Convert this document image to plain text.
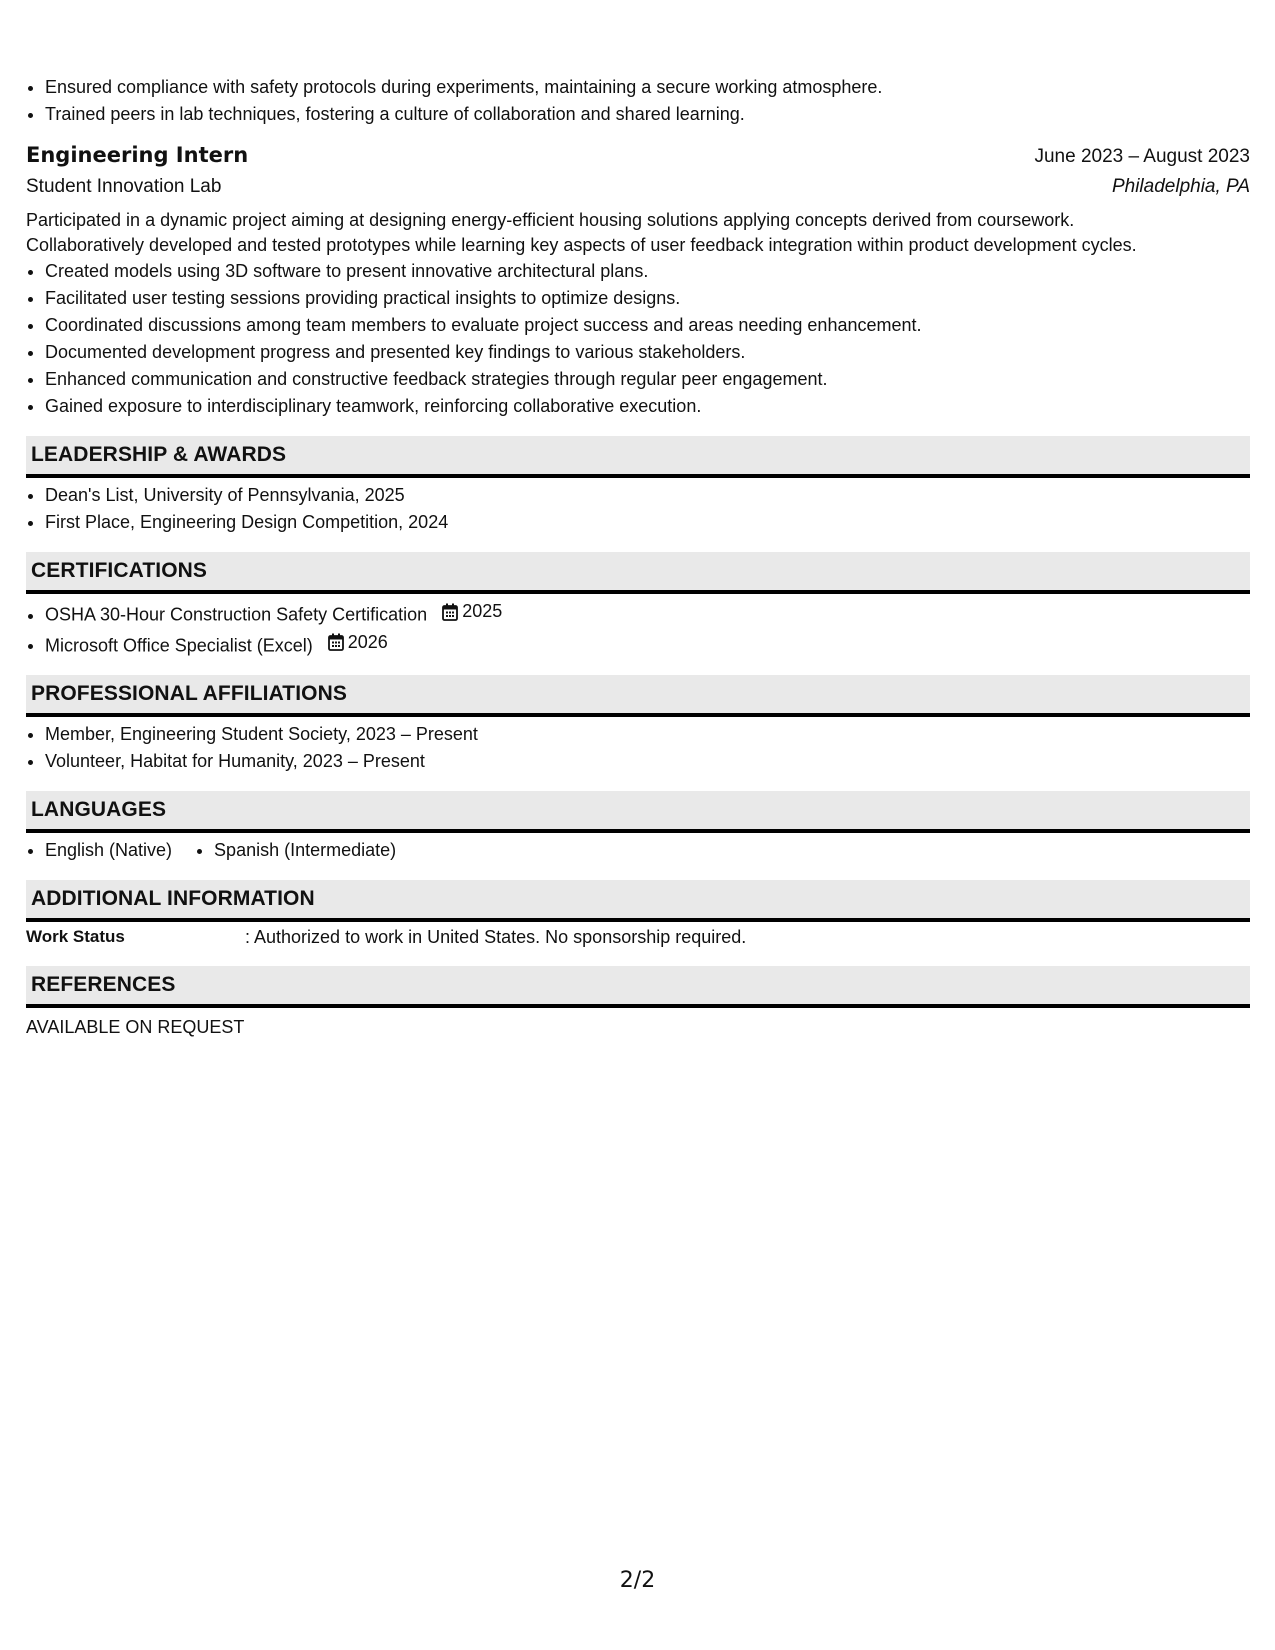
• Ensured compliance with safety protocols during experiments, maintaining a secure working atmosphere.
• Trained peers in lab techniques, fostering a culture of collaboration and shared learning.
Engineering Intern	June 2023 – August 2023
Student Innovation Lab	Philadelphia, PA

Participated in a dynamic project aiming at designing energy-efficient housing solutions applying concepts derived from coursework.

Collaboratively developed and tested prototypes while learning key aspects of user feedback integration within product development cycles.

• Created models using 3D software to present innovative architectural plans.
• Facilitated user testing sessions providing practical insights to optimize designs.
• Coordinated discussions among team members to evaluate project success and areas needing enhancement.
• Documented development progress and presented key findings to various stakeholders.
• Enhanced communication and constructive feedback strategies through regular peer engagement.
• Gained exposure to interdisciplinary teamwork, reinforcing collaborative execution.
LEADERSHIP & AWARDS
• Dean's List, University of Pennsylvania, 2025
• First Place, Engineering Design Competition, 2024
CERTIFICATIONS
• OSHA 30-Hour Construction Safety Certification 2025
• Microsoft Office Specialist (Excel) 2026
PROFESSIONAL AFFILIATIONS
• Member, Engineering Student Society, 2023 – Present
• Volunteer, Habitat for Humanity, 2023 – Present
LANGUAGES
• English (Native)
• Spanish (Intermediate)
ADDITIONAL INFORMATION
Work Status	: Authorized to work in United States. No sponsorship required.
REFERENCES
AVAILABLE ON REQUEST
2/2
